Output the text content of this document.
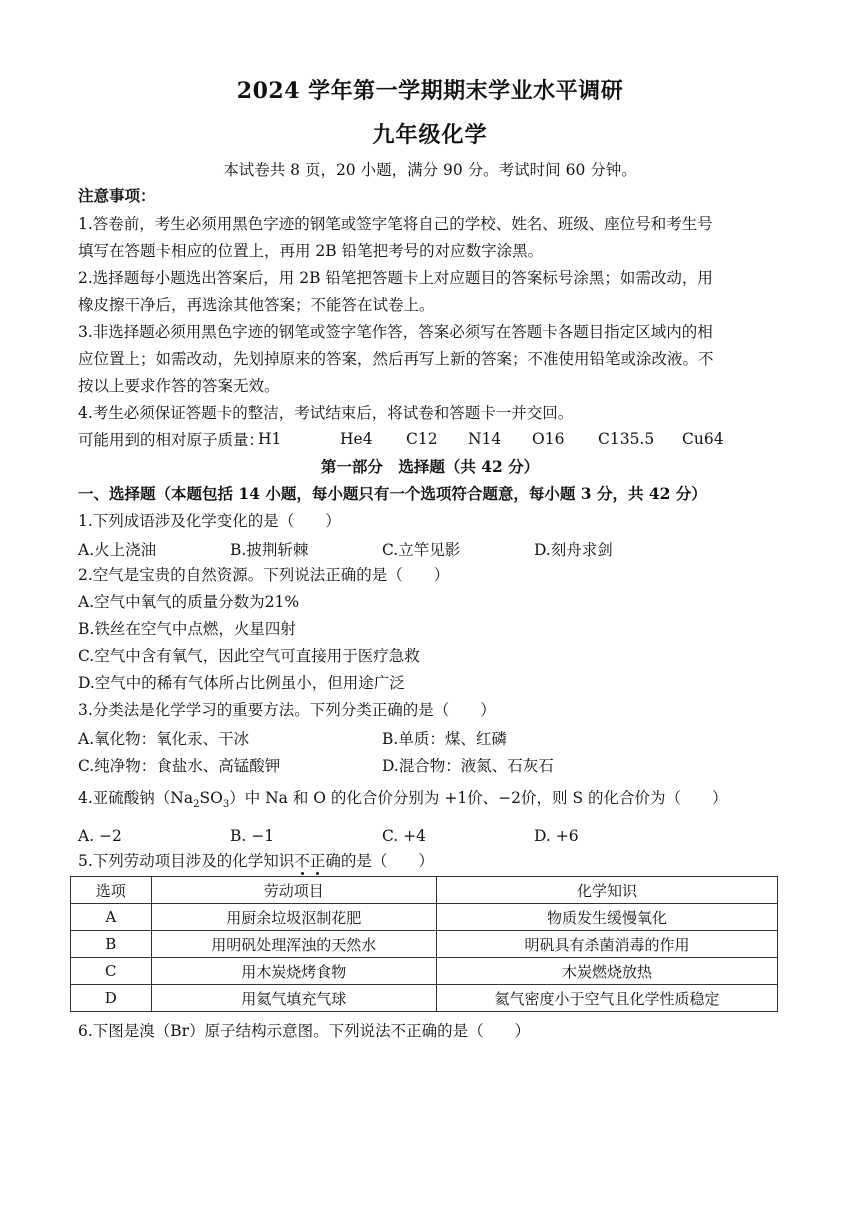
2024 学年第一学期期末学业水平调研
九年级化学
本试卷共 8 页，20 小题，满分 90 分。考试时间 60 分钟。
注意事项：
1.答卷前，考生必须用黑色字迹的钢笔或签字笔将自己的学校、姓名、班级、座位号和考生号
填写在答题卡相应的位置上，再用 2B 铅笔把考号的对应数字涂黑。
2.选择题每小题选出答案后，用 2B 铅笔把答题卡上对应题目的答案标号涂黑；如需改动，用
橡皮擦干净后，再选涂其他答案；不能答在试卷上。
3.非选择题必须用黑色字迹的钢笔或签字笔作答，答案必须写在答题卡各题目指定区域内的相
应位置上；如需改动，先划掉原来的答案，然后再写上新的答案；不准使用铅笔或涂改液。不
按以上要求作答的答案无效。
4.考生必须保证答题卡的整洁，考试结束后，将试卷和答题卡一并交回。
可能用到的相对原子质量：
H1	He4 C12 N14 O16 C135.5 Cu64
第一部分　选择题（共 42 分）
一、选择题（本题包括 14 小题，每小题只有一个选项符合题意，每小题 3 分，共 42 分）
1.下列成语涉及化学变化的是（　　）
A.火上浇油	B.披荆斩棘	C.立竿见影	D.刻舟求剑
2.空气是宝贵的自然资源。下列说法正确的是（　　）
A.空气中氧气的质量分数为21%
B.铁丝在空气中点燃，火星四射
C.空气中含有氧气，因此空气可直接用于医疗急救
D.空气中的稀有气体所占比例虽小，但用途广泛
3.分类法是化学学习的重要方法。下列分类正确的是（　　）
A.氧化物：氧化汞、干冰	B.单质：煤、红磷
C.纯净物：食盐水、高锰酸钾	D.混合物：液氮、石灰石
4.亚硫酸钠$(Na_2SO_3)$中 Na 和 O 的化合价分别为 +1价、−2价，则 S 的化合价为（　　）
A. −2	B. −1	C. +4	D. +6
5.下列劳动项目涉及的化学知识不正确的是（　　）
选项	劳动项目	化学知识
A	用厨余垃圾沤制花肥	物质发生缓慢氧化
B	用明矾处理浑浊的天然水	明矾具有杀菌消毒的作用
C	用木炭烧烤食物	木炭燃烧放热
D	用氦气填充气球	氦气密度小于空气且化学性质稳定
6.下图是溴（Br）原子结构示意图。下列说法不正确的是（　　）
